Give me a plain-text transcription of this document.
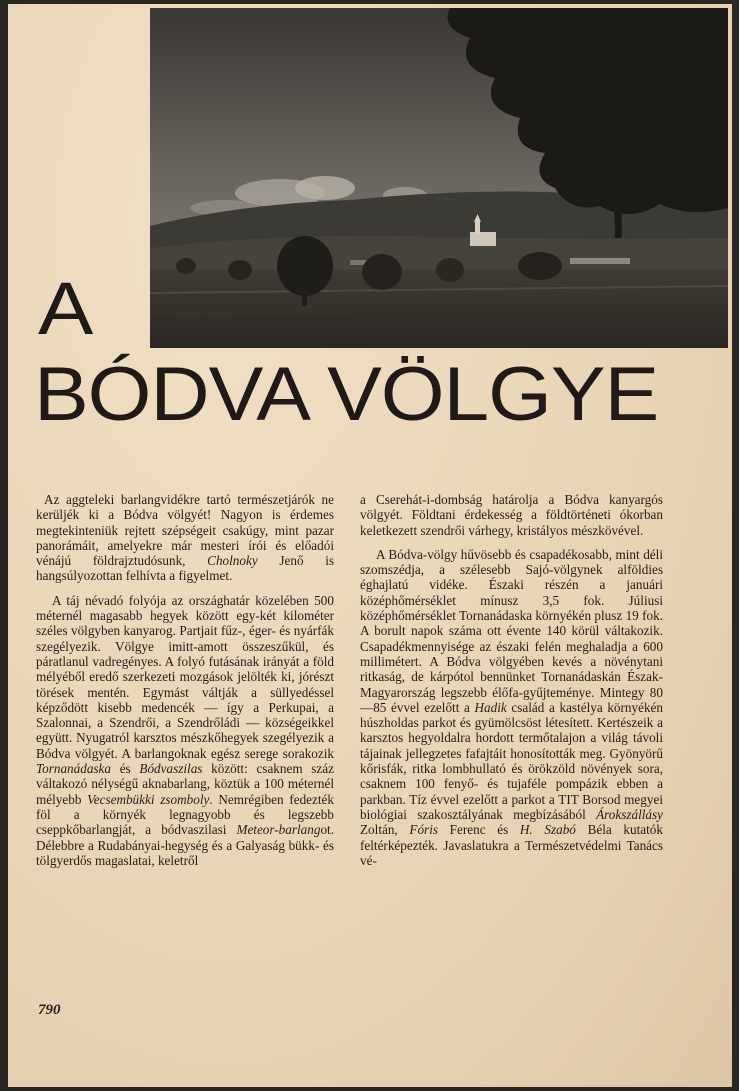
A
BÓDVA VÖLGYE

Az aggteleki barlangvidékre tartó természetjárók ne kerüljék ki a Bódva völgyét! Nagyon is érdemes megtekinteniük rejtett szépségeit csakúgy, mint pazar panorámáit, amelyekre már mesteri írói és előadói vénájú földrajztudósunk, Cholnoky Jenő is hangsúlyozottan felhívta a figyelmet.

A táj névadó folyója az országhatár közelében 500 méternél magasabb hegyek között egy-két kilométer széles völgyben kanyarog. Partjait fűz-, éger- és nyárfák szegélyezik. Völgye imitt-amott összeszűkül, és páratlanul vadregényes. A folyó futásának irányát a föld mélyéből eredő szerkezeti mozgások jelölték ki, jórészt törések mentén. Egymást váltják a süllyedéssel képződött kisebb medencék — így a Perkupai, a Szalonnai, a Szendrői, a Szendrőládi — községeikkel együtt. Nyugatról karsztos mészkőhegyek szegélyezik a Bódva völgyét. A barlangoknak egész serege sorakozik Tornanádaska és Bódvaszilas között: csaknem száz váltakozó nélységű aknabarlang, köztük a 100 méternél mélyebb Vecsembükki zsomboly. Nemrégiben fedezték föl a környék legnagyobb és legszebb cseppkőbarlangját, a bódvaszilasi Meteor-barlangot. Délebbre a Rudabányai-hegység és a Galyaság bükk- és tölgyerdős magaslatai, keletről

a Cserehát-i-dombság határolja a Bódva kanyargós völgyét. Földtani érdekesség a földtörténeti ókorban keletkezett szendrői várhegy, kristályos mészkövével.

A Bódva-völgy hűvösebb és csapadékosabb, mint déli szomszédja, a szélesebb Sajó-völgynek alföldies éghajlatú vidéke. Északi részén a januári középhőmérséklet mínusz 3,5 fok. Júliusi középhőmérséklet Tornanádaska környékén plusz 19 fok. A borult napok száma ott évente 140 körül váltakozik. Csapadékmennyisége az északi felén meghaladja a 600 millimétert. A Bódva völgyében kevés a növénytani ritkaság, de kárpótol bennünket Tornanádaskán Észak-Magyarország legszebb élőfa-gyűjteménye. Mintegy 80—85 évvel ezelőtt a Hadik család a kastélya környékén húszholdas parkot és gyümölcsöst létesített. Kertészeik a karsztos hegyoldalra hordott termőtalajon a világ távoli tájainak jellegzetes fafajtáit honosították meg. Gyönyörű kőrisfák, ritka lombhullató és örökzöld növények sora, csaknem 100 fenyő- és tujaféle pompázik ebben a parkban. Tíz évvel ezelőtt a parkot a TIT Borsod megyei biológiai szakosztályának megbízásából Árokszállásy Zoltán, Fóris Ferenc és H. Szabó Béla kutatók feltérképezték. Javaslatukra a Természetvédelmi Tanács vé-

790
